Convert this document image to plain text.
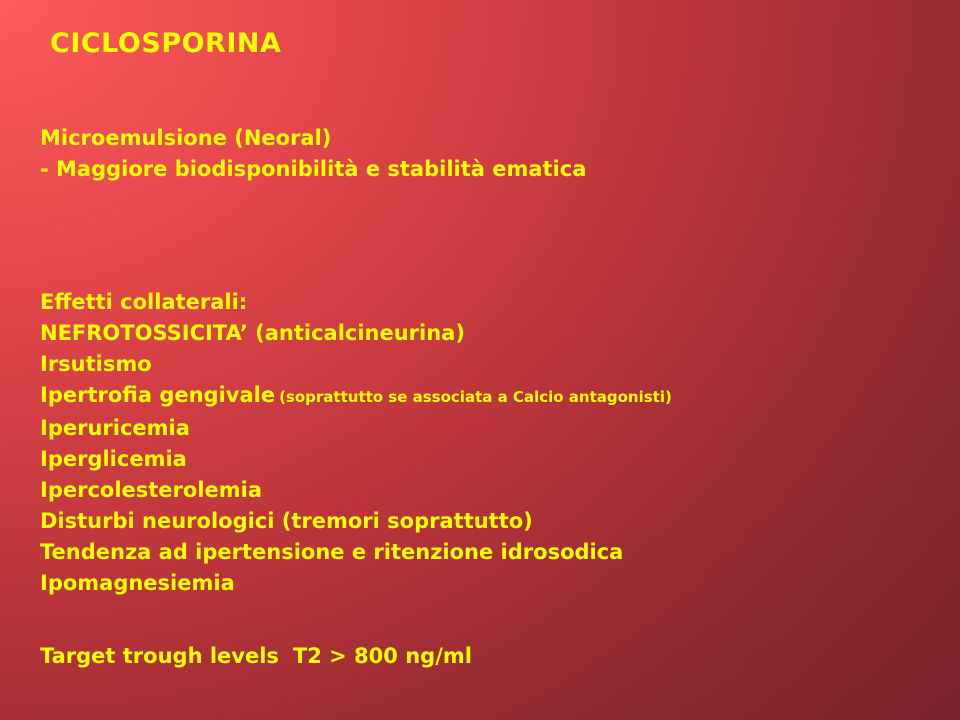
CICLOSPORINA
Microemulsione (Neoral)
- Maggiore biodisponibilità e stabilità ematica
Effetti collaterali:
NEFROTOSSICITA’ (anticalcineurina)
Irsutismo
Ipertrofia gengivale (soprattutto se associata a Calcio antagonisti)
Iperuricemia
Iperglicemia
Ipercolesterolemia
Disturbi neurologici (tremori soprattutto)
Tendenza ad ipertensione e ritenzione idrosodica
Ipomagnesiemia
Target trough levels T2 > 800 ng/ml
